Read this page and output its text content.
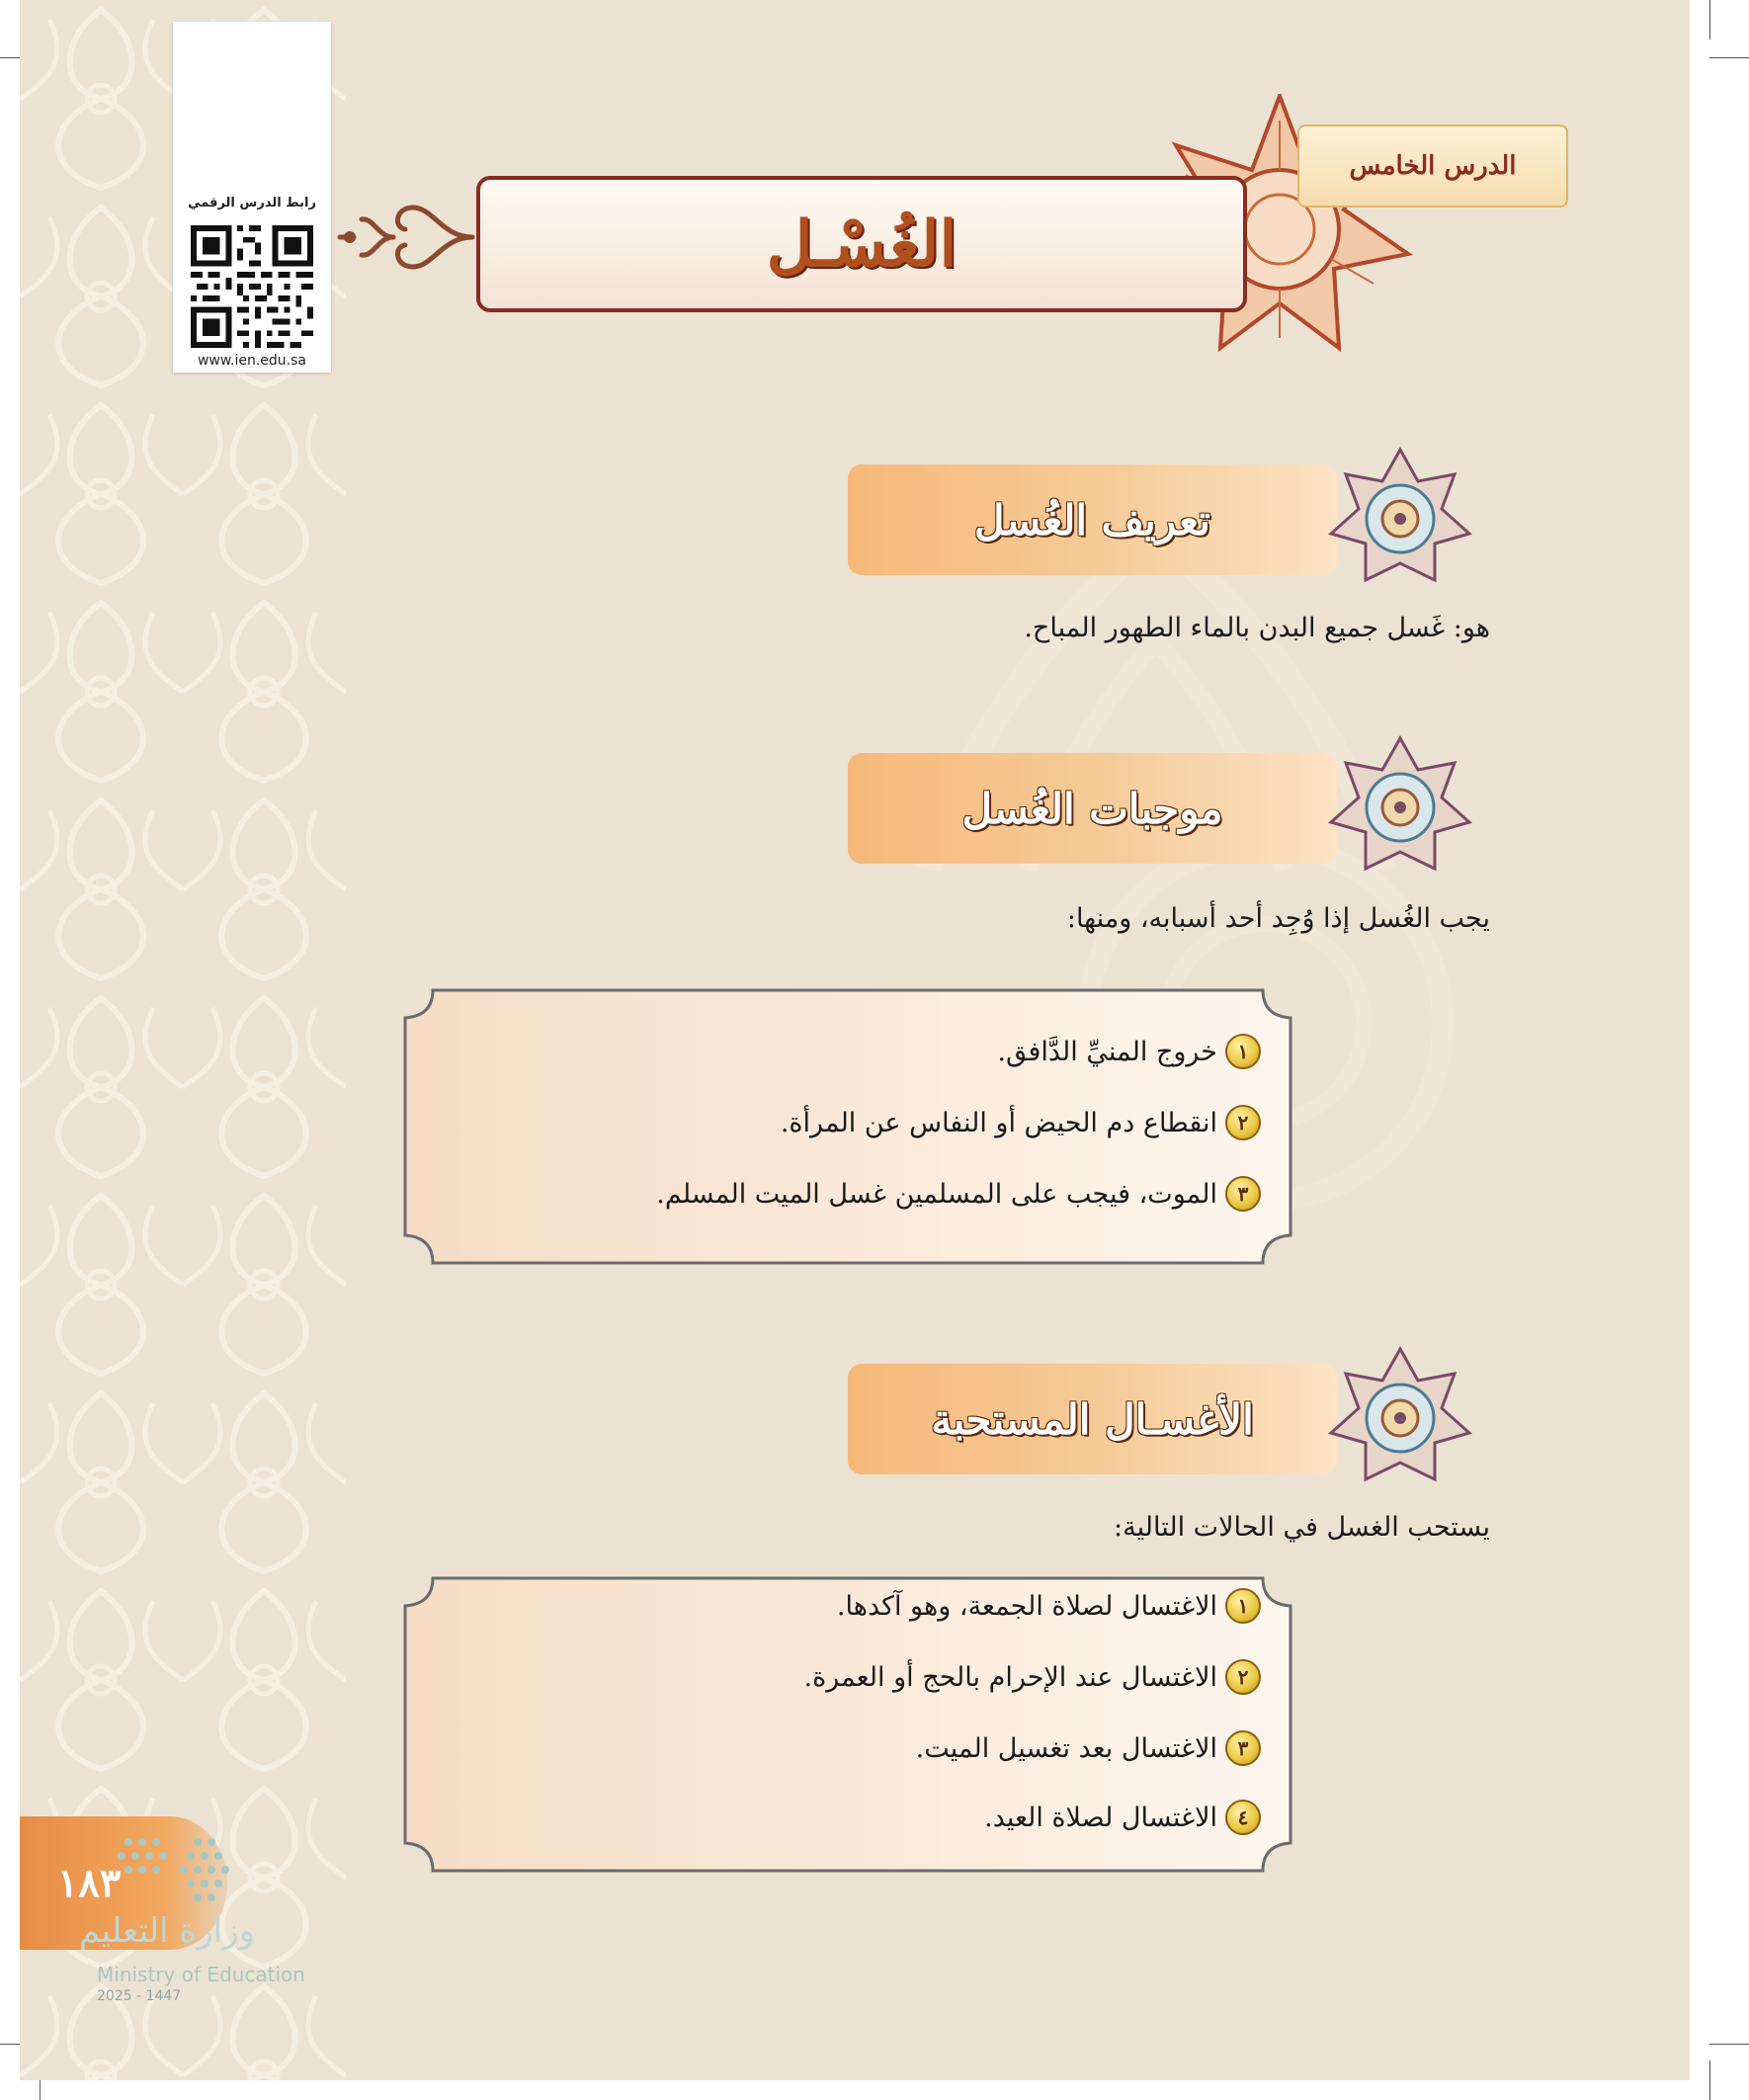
رابط الدرس الرقمي
www.ien.edu.sa
الدرس الخامس
الغُسْـل
تعريف الغُسل
هو: غَسل جميع البدن بالماء الطهور المباح.
موجبات الغُسل
يجب الغُسل إذا وُجِد أحد أسبابه، ومنها:
١
خروج المنيِّ الدَّافق.
٢
انقطاع دم الحيض أو النفاس عن المرأة.
٣
الموت، فيجب على المسلمين غسل الميت المسلم.
الأغسـال المستحبة
يستحب الغسل في الحالات التالية:
١
الاغتسال لصلاة الجمعة، وهو آكدها.
٢
الاغتسال عند الإحرام بالحج أو العمرة.
٣
الاغتسال بعد تغسيل الميت.
٤
الاغتسال لصلاة العيد.
١٨٣
وزارة التعليم
Ministry of Education
2025 - 1447
